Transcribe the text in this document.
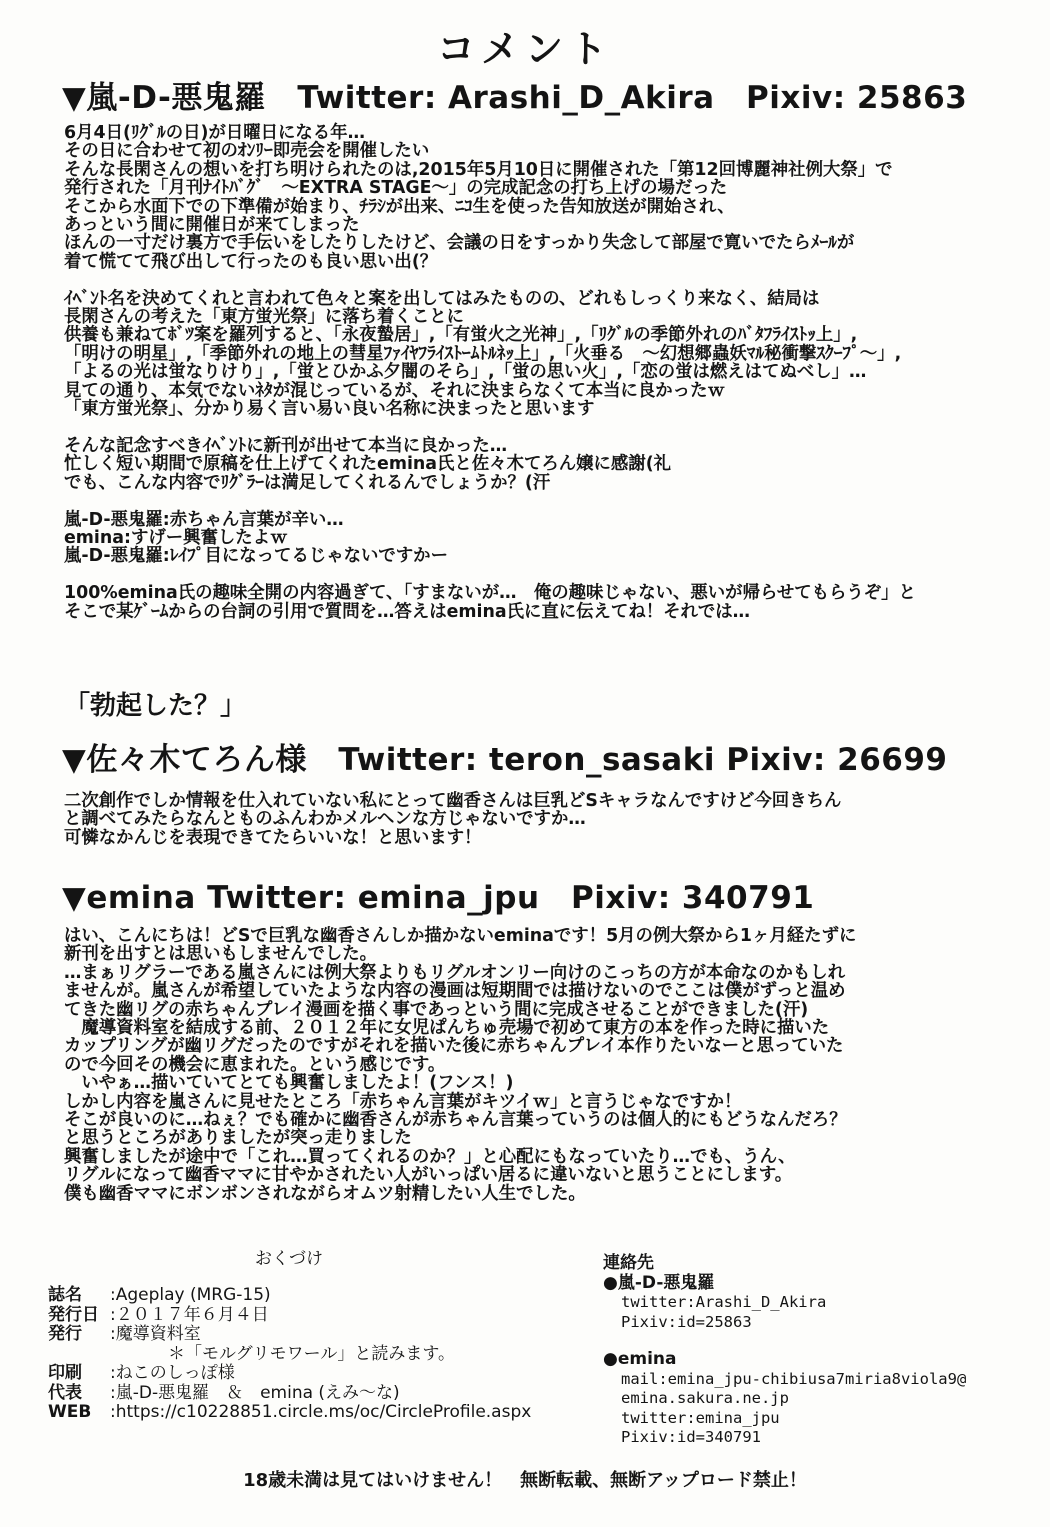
コメント
▼嵐-D-悪鬼羅　Twitter: Arashi_D_Akira　Pixiv: 25863

6月4日(ﾘｸﾞﾙの日)が日曜日になる年…

その日に合わせて初のｵﾝﾘｰ即売会を開催したい

そんな長閑さんの想いを打ち明けられたのは,2015年5月10日に開催された「第12回博麗神社例大祭」で

発行された「月刊ﾅｲﾄﾊﾞｸﾞ　～EXTRA STAGE～」の完成記念の打ち上げの場だった

そこから水面下での下準備が始まり、ﾁﾗｼが出来、ﾆｺ生を使った告知放送が開始され、

あっという間に開催日が来てしまった

ほんの一寸だけ裏方で手伝いをしたりしたけど、会議の日をすっかり失念して部屋で寛いでたらﾒｰﾙが

着て慌てて飛び出して行ったのも良い思い出(？

ｲﾍﾞﾝﾄ名を決めてくれと言われて色々と案を出してはみたものの、どれもしっくり来なく、結局は

長閑さんの考えた「東方蛍光祭」に落ち着くことに

供養も兼ねてﾎﾞﾂ案を羅列すると、「永夜蟄居」,「有蛍火之光神」,「ﾘｸﾞﾙの季節外れのﾊﾞﾀﾌﾗｲｽﾄｯ上」,

「明けの明星」,「季節外れの地上の彗星ﾌｧｲﾔﾌﾗｲｽﾄｰﾑﾄﾙﾈｯ上」,「火垂る　～幻想郷蟲妖ﾏﾙ秘衝撃ｽｸｰﾌﾟ～」,

「よるの光は蛍なりけり」,「蛍とひかふ夕闇のそら」,「蛍の思い火」,「恋の蛍は燃えはてぬべし」…

見ての通り、本気でないﾈﾀが混じっているが、それに決まらなくて本当に良かったｗ

「東方蛍光祭」、分かり易く言い易い良い名称に決まったと思います

そんな記念すべきｲﾍﾞﾝﾄに新刊が出せて本当に良かった…

忙しく短い期間で原稿を仕上げてくれたemina氏と佐々木てろん嬢に感謝(礼

でも、こんな内容でﾘｸﾞﾗｰは満足してくれるんでしょうか？(汗

嵐-D-悪鬼羅:赤ちゃん言葉が辛い…

emina:すげー興奮したよｗ

嵐-D-悪鬼羅:ﾚｲﾌﾟ目になってるじゃないですかー

100%emina氏の趣味全開の内容過ぎて、「すまないが…　俺の趣味じゃない、悪いが帰らせてもらうぞ」と

そこで某ｹﾞｰﾑからの台詞の引用で質問を…答えはemina氏に直に伝えてね！それでは…

「勃起した？」
▼佐々木てろん様　Twitter: teron_sasaki Pixiv: 26699

二次創作でしか情報を仕入れていない私にとって幽香さんは巨乳どSキャラなんですけど今回きちん

と調べてみたらなんとものふんわかメルヘンな方じゃないですか…

可憐なかんじを表現できてたらいいな！と思います！

▼emina Twitter: emina_jpu　Pixiv: 340791

はい、こんにちは！どSで巨乳な幽香さんしか描かないeminaです！5月の例大祭から1ヶ月経たずに

新刊を出すとは思いもしませんでした。

…まぁリグラーである嵐さんには例大祭よりもリグルオンリー向けのこっちの方が本命なのかもしれ

ませんが。嵐さんが希望していたような内容の漫画は短期間では描けないのでここは僕がずっと温め

てきた幽リグの赤ちゃんプレイ漫画を描く事であっという間に完成させることができました(汗)

　魔導資料室を結成する前、２０１２年に女児ぱんちゅ売場で初めて東方の本を作った時に描いた

カップリングが幽リグだったのですがそれを描いた後に赤ちゃんプレイ本作りたいなーと思っていた

ので今回その機会に恵まれた。という感じです。

　いやぁ…描いていてとても興奮しましたよ！(フンス！)

しかし内容を嵐さんに見せたところ「赤ちゃん言葉がキツイｗ」と言うじゃなですか！

そこが良いのに…ねぇ？でも確かに幽香さんが赤ちゃん言葉っていうのは個人的にもどうなんだろ？

と思うところがありましたが突っ走りました

興奮しましたが途中で「これ…買ってくれるのか？」と心配にもなっていたり…でも、うん、

リグルになって幽香ママに甘やかされたい人がいっぱい居るに違いないと思うことにします。

僕も幽香ママにボンボンされながらオムツ射精したい人生でした。

おくづけ
誌名	:Ageplay (MRG-15)
発行日 :２０１７年６月４日
発行	:魔導資料室
＊「モルグリモワール」と読みます。
印刷	:ねこのしっぽ様
代表	:嵐-D-悪鬼羅　＆　emina (えみ～な)
WEB	:https://c10228851.circle.ms/oc/CircleProfile.aspx
連絡先
●嵐-D-悪鬼羅
twitter:Arashi_D_Akira
Pixiv:id=25863
●emina
mail:emina_jpu-chibiusa7miria8viola9@
emina.sakura.ne.jp
twitter:emina_jpu
Pixiv:id=340791
18歳未満は見てはいけません！　無断転載、無断アップロード禁止！
